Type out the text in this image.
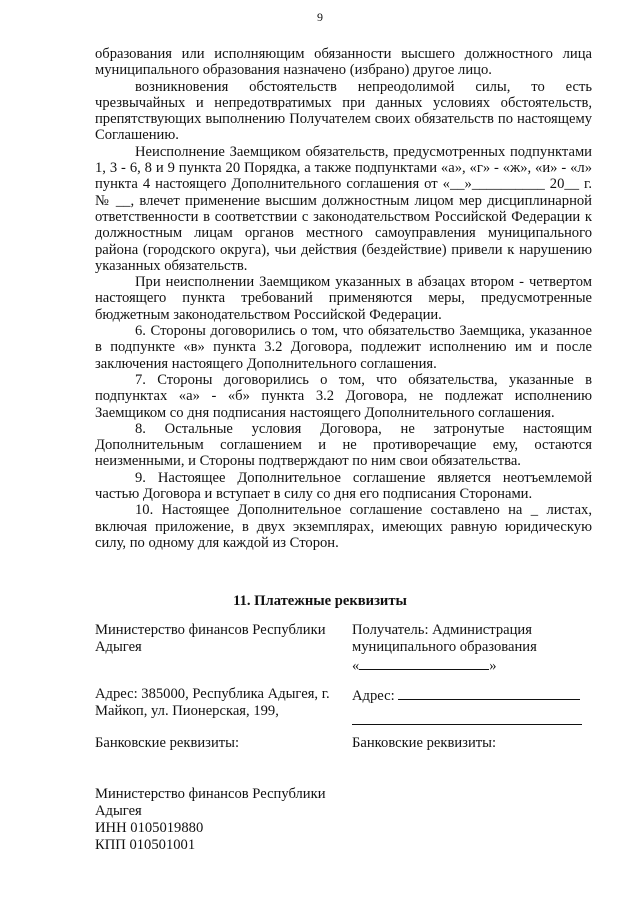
9

образования или исполняющим обязанности высшего должностного лица муниципального образования назначено (избрано) другое лицо.

возникновения обстоятельств непреодолимой силы, то есть чрезвычайных и непредотвратимых при данных условиях обстоятельств, препятствующих выполнению Получателем своих обязательств по настоящему Соглашению.

Неисполнение Заемщиком обязательств, предусмотренных подпунктами 1, 3 - 6, 8 и 9 пункта 20 Порядка, а также подпунктами «а», «г» - «ж», «и» - «л» пункта 4 настоящего Дополнительного соглашения от «__»__________ 20__ г. № __, влечет применение высшим должностным лицом мер дисциплинарной ответственности в соответствии с законодательством Российской Федерации к должностным лицам органов местного самоуправления муниципального района (городского округа), чьи действия (бездействие) привели к нарушению указанных обязательств.

При неисполнении Заемщиком указанных в абзацах втором - четвертом настоящего пункта требований применяются меры, предусмотренные бюджетным законодательством Российской Федерации.

6. Стороны договорились о том, что обязательство Заемщика, указанное в подпункте «в» пункта 3.2 Договора, подлежит исполнению им и после заключения настоящего Дополнительного соглашения.

7. Стороны договорились о том, что обязательства, указанные в подпунктах «а» - «б» пункта 3.2 Договора, не подлежат исполнению Заемщиком со дня подписания настоящего Дополнительного соглашения.

8. Остальные условия Договора, не затронутые настоящим Дополнительным соглашением и не противоречащие ему, остаются неизменными, и Стороны подтверждают по ним свои обязательства.

9. Настоящее Дополнительное соглашение является неотъемлемой частью Договора и вступает в силу со дня его подписания Сторонами.

10. Настоящее Дополнительное соглашение составлено на _ листах, включая приложение, в двух экземплярах, имеющих равную юридическую силу, по одному для каждой из Сторон.

11. Платежные реквизиты
Министерство финансов Республики Адыгея
Получатель: Администрация муниципального образования
«	»
Адрес: 385000, Республика Адыгея, г. Майкоп, ул. Пионерская, 199,
Адрес:
Банковские реквизиты:	Банковские реквизиты:
Министерство финансов Республики Адыгея
ИНН 0105019880
КПП 010501001
